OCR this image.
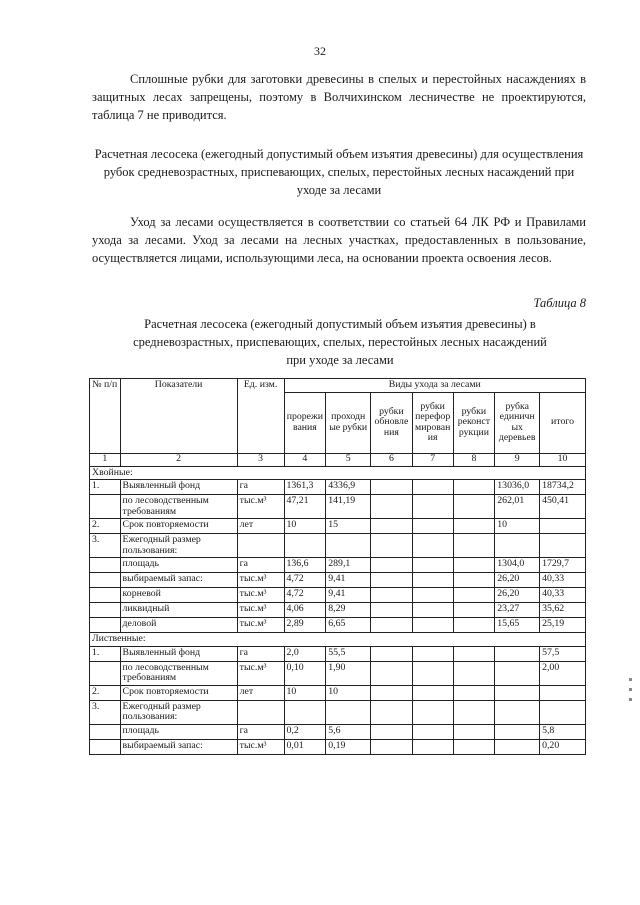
32

Сплошные рубки для заготовки древесины в спелых и перестойных насаждениях в защитных лесах запрещены, поэтому в Волчихинском лесничестве не проектируются, таблица 7 не приводится.

Расчетная лесосека (ежегодный допустимый объем изъятия древесины) для осуществления рубок средневозрастных, приспевающих, спелых, перестойных лесных насаждений при уходе за лесами

Уход за лесами осуществляется в соответствии со статьей 64 ЛК РФ и Правилами ухода за лесами. Уход за лесами на лесных участках, предоставленных в пользование, осуществляется лицами, использующими леса, на основании проекта освоения лесов.

Таблица 8

Расчетная лесосека (ежегодный допустимый объем изъятия древесины) в средневозрастных, приспевающих, спелых, перестойных лесных насаждений при уходе за лесами

№ п/п	Показатели	Ед. изм.	Виды ухода за лесами						
			прореживания	проходные рубки	рубки обновления	рубки переформирования	рубки реконструкции	рубка единичных деревьев	итого
1	2	3	4	5	6	7	8	9	10
Хвойные:									
1.	Выявленный фонд	га	1361,3	4336,9				13036,0	18734,2
	по лесоводственным требованиям	тыс.м³	47,21	141,19				262,01	450,41
2.	Срок повторяемости	лет	10	15				10	
3.	Ежегодный размер пользования:								
	площадь	га	136,6	289,1				1304,0	1729,7
	выбираемый запас:	тыс.м³	4,72	9,41				26,20	40,33
	корневой	тыс.м³	4,72	9,41				26,20	40,33
	ликвидный	тыс.м³	4,06	8,29				23,27	35,62
	деловой	тыс.м³	2,89	6,65				15,65	25,19
Лиственные:									
1.	Выявленный фонд	га	2,0	55,5					57,5
	по лесоводственным требованиям	тыс.м³	0,10	1,90					2,00
2.	Срок повторяемости	лет	10	10					
3.	Ежегодный размер пользования:								
	площадь	га	0,2	5,6					5,8
	выбираемый запас:	тыс.м³	0,01	0,19					0,20
